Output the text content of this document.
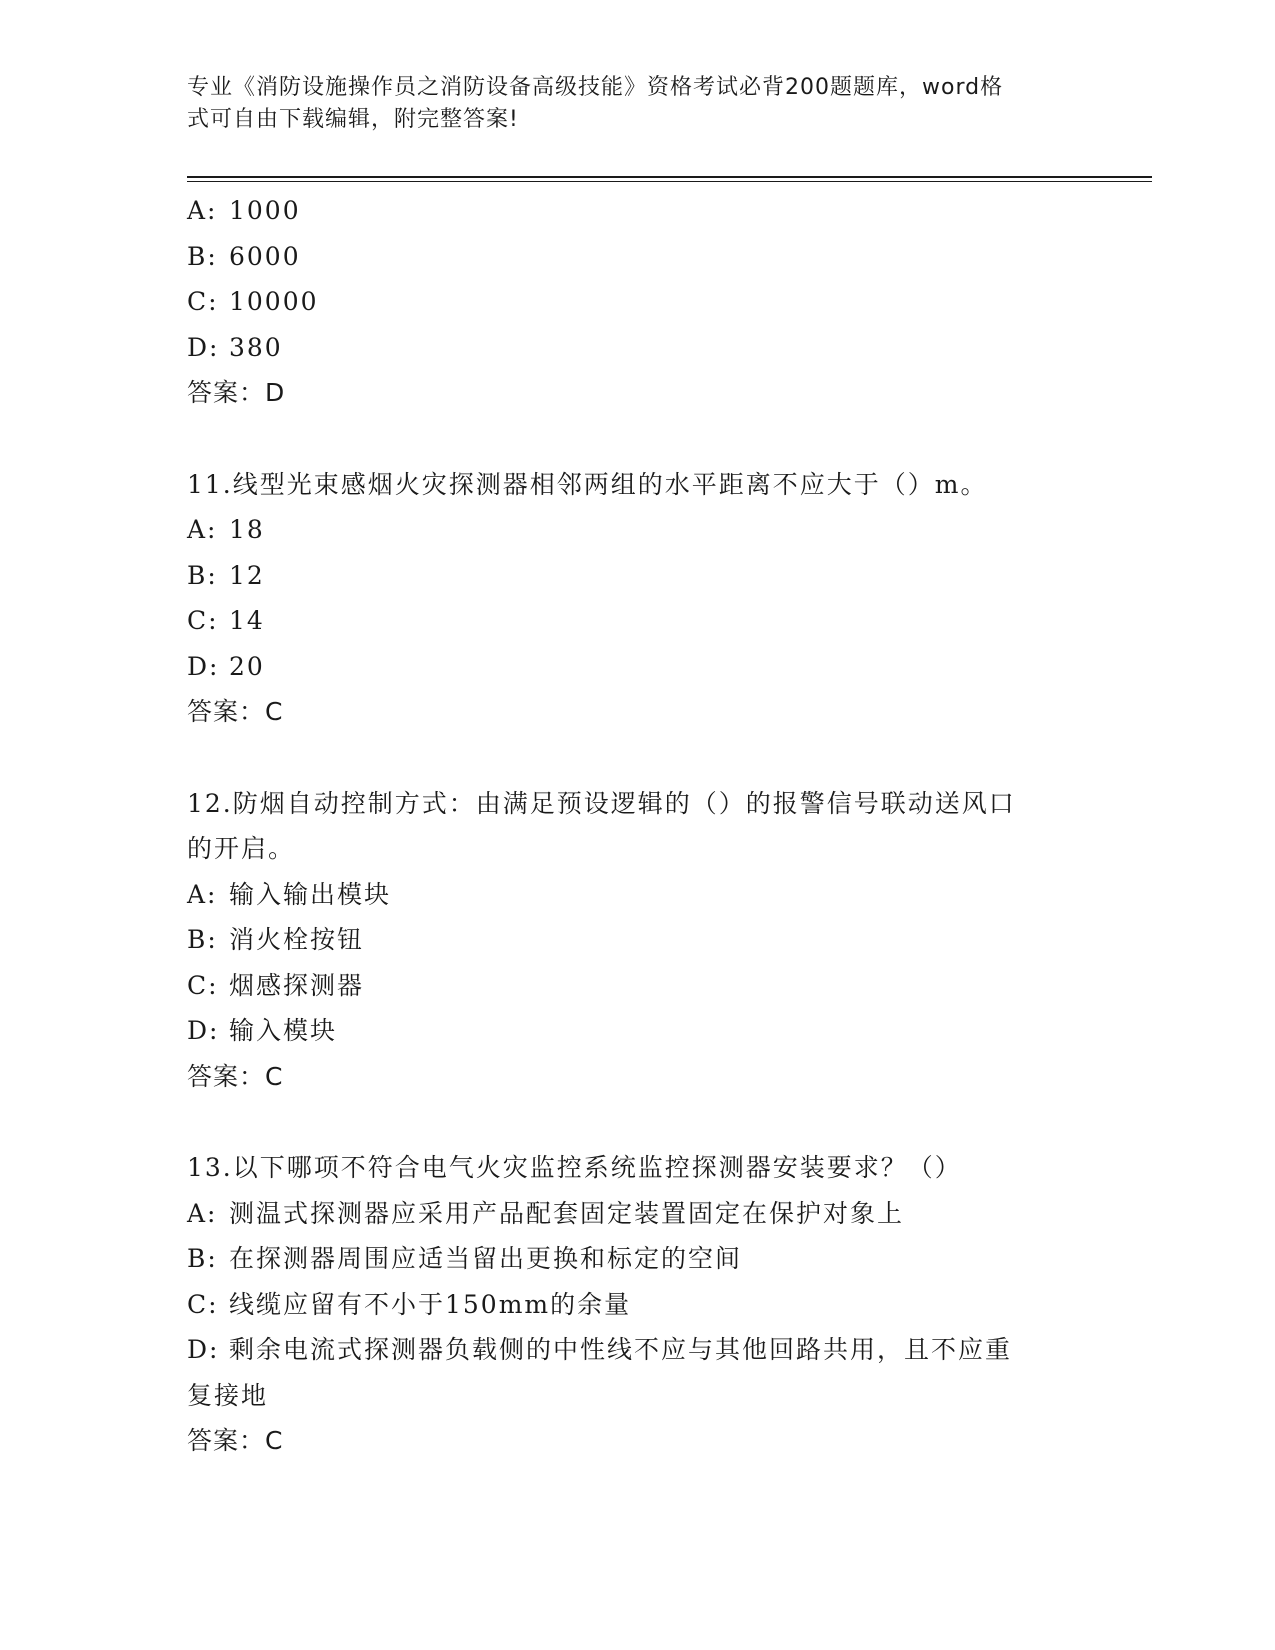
专业《消防设施操作员之消防设备高级技能》资格考试必背200题题库，word格
式可自由下载编辑，附完整答案!
A: 1000
B: 6000
C: 10000
D: 380
答案：D
11.线型光束感烟火灾探测器相邻两组的水平距离不应大于（）m。
A: 18
B: 12
C: 14
D: 20
答案：C
12.防烟自动控制方式：由满足预设逻辑的（）的报警信号联动送风口
的开启。
A: 输入输出模块
B: 消火栓按钮
C: 烟感探测器
D: 输入模块
答案：C
13.以下哪项不符合电气火灾监控系统监控探测器安装要求？（）
A: 测温式探测器应采用产品配套固定装置固定在保护对象上
B: 在探测器周围应适当留出更换和标定的空间
C: 线缆应留有不小于150mm的余量
D: 剩余电流式探测器负载侧的中性线不应与其他回路共用，且不应重
复接地
答案：C
